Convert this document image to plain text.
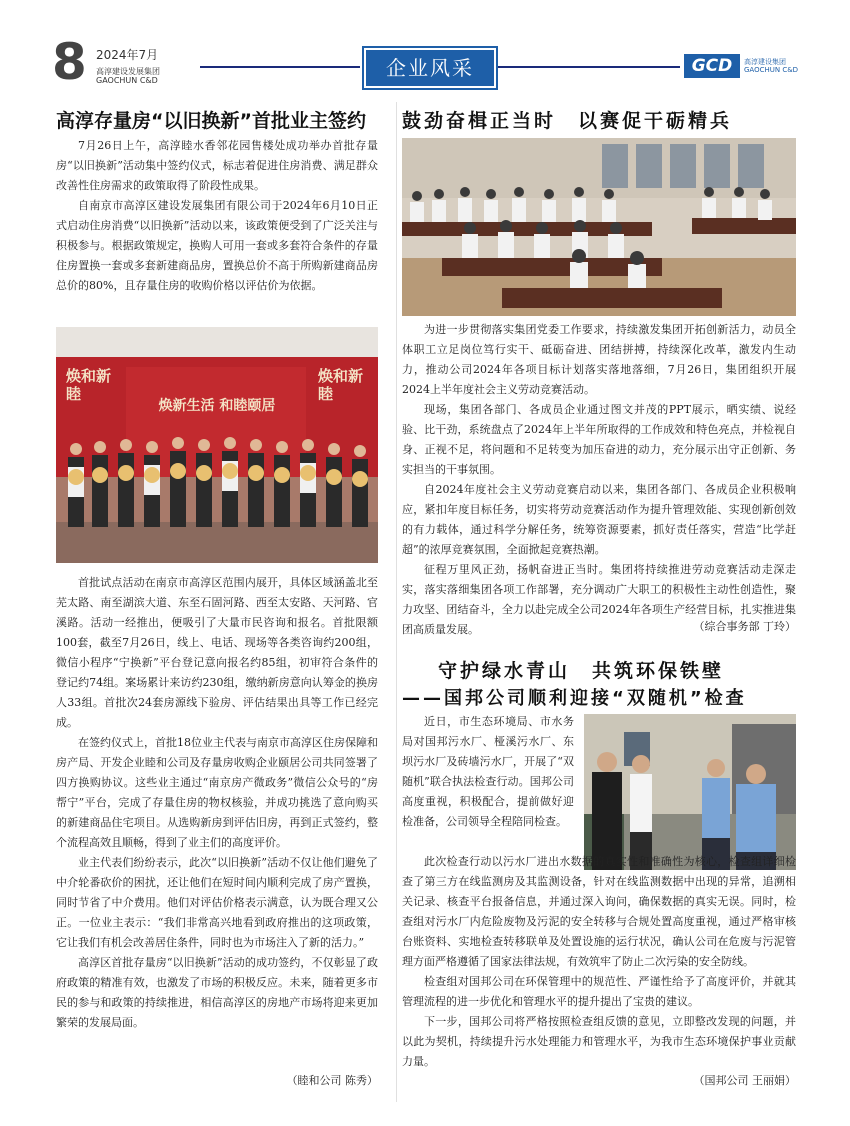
8 2024年7月
高淳建设发展集团
GAOCHUN C&D
企业风采	GCD	高淳建设集团
GAOCHUN C&D
高淳存量房“以旧换新”首批业主签约

7月26日上午，高淳睦水香邻花园售楼处成功举办首批存量房“以旧换新”活动集中签约仪式，标志着促进住房消费、满足群众改善性住房需求的政策取得了阶段性成果。

自南京市高淳区建设发展集团有限公司于2024年6月10日正式启动住房消费“以旧换新”活动以来，该政策便受到了广泛关注与积极参与。根据政策规定，换购人可用一套或多套符合条件的存量住房置换一套或多套新建商品房，置换总价不高于所购新建商品房总价的80%，且存量住房的收购价格以评估价为依据。

焕和新睦
焕新生活 和睦颐居
焕和新睦

首批试点活动在南京市高淳区范围内展开，具体区域涵盖北至芜太路、南至湖滨大道、东至石固河路、西至太安路、天河路、官溪路。活动一经推出，便吸引了大量市民咨询和报名。首批限额100套，截至7月26日，线上、电话、现场等各类咨询约200组，微信小程序“宁换新”平台登记意向报名约85组，初审符合条件的登记约74组。案场累计来访约230组，缴纳新房意向认筹金的换房人33组。首批次24套房源线下验房、评估结果出具等工作已经完成。

在签约仪式上，首批18位业主代表与南京市高淳区住房保障和房产局、开发企业睦和公司及存量房收购企业颐居公司共同签署了四方换购协议。这些业主通过“南京房产微政务”微信公众号的“房帮宁”平台，完成了存量住房的物权核验，并成功挑选了意向购买的新建商品住宅项目。从选购新房到评估旧房，再到正式签约，整个流程高效且顺畅，得到了业主们的高度评价。

业主代表们纷纷表示，此次“以旧换新”活动不仅让他们避免了中介轮番砍价的困扰，还让他们在短时间内顺利完成了房产置换，同时节省了中介费用。他们对评估价格表示满意，认为既合理又公正。一位业主表示：“我们非常高兴地看到政府推出的这项政策，它让我们有机会改善居住条件，同时也为市场注入了新的活力。”

高淳区首批存量房“以旧换新”活动的成功签约，不仅彰显了政府政策的精准有效，也激发了市场的积极反应。未来，随着更多市民的参与和政策的持续推进，相信高淳区的房地产市场将迎来更加繁荣的发展局面。

（睦和公司 陈秀）
鼓劲奋楫正当时　以赛促干砺精兵

为进一步贯彻落实集团党委工作要求，持续激发集团开拓创新活力，动员全体职工立足岗位笃行实干、砥砺奋进、团结拼搏，持续深化改革，激发内生动力，推动公司2024年各项目标计划落实落地落细，7月26日，集团组织开展2024上半年度社会主义劳动竞赛活动。

现场，集团各部门、各成员企业通过图文并茂的PPT展示，晒实绩、说经验、比干劲，系统盘点了2024年上半年所取得的工作成效和特色亮点，并检视自身、正视不足，将问题和不足转变为加压奋进的动力，充分展示出守正创新、务实担当的干事氛围。

自2024年度社会主义劳动竞赛启动以来，集团各部门、各成员企业积极响应，紧扣年度目标任务，切实将劳动竞赛活动作为提升管理效能、实现创新创效的有力载体，通过科学分解任务，统筹资源要素，抓好责任落实，营造“比学赶超”的浓厚竞赛氛围，全面掀起竞赛热潮。

征程万里风正劲，扬帆奋进正当时。集团将持续推进劳动竞赛活动走深走实，落实落细集团各项工作部署，充分调动广大职工的积极性主动性创造性，聚力攻坚、团结奋斗，全力以赴完成全公司2024年各项生产经营目标，扎实推进集团高质量发展。	（综合事务部 丁玲）
守护绿水青山　共筑环保铁壁
——国邦公司顺利迎接“双随机”检查

近日，市生态环境局、市水务局对国邦污水厂、桠溪污水厂、东坝污水厂及砖墙污水厂，开展了“双随机”联合执法检查行动。国邦公司高度重视，积极配合，提前做好迎检准备，公司领导全程陪同检查。

此次检查行动以污水厂进出水数据的真实性和准确性为核心，检查组详细检查了第三方在线监测房及其监测设备，针对在线监测数据中出现的异常，追溯相关记录、核查平台报备信息，并通过深入询问，确保数据的真实无误。同时，检查组对污水厂内危险废物及污泥的安全转移与合规处置高度重视，通过严格审核台账资料、实地检查转移联单及处置设施的运行状况，确认公司在危废与污泥管理方面严格遵循了国家法律法规，有效筑牢了防止二次污染的安全防线。

检查组对国邦公司在环保管理中的规范性、严谨性给予了高度评价，并就其管理流程的进一步优化和管理水平的提升提出了宝贵的建议。

下一步，国邦公司将严格按照检查组反馈的意见，立即整改发现的问题，并以此为契机，持续提升污水处理能力和管理水平，为我市生态环境保护事业贡献力量。

（国邦公司 王丽娟）
